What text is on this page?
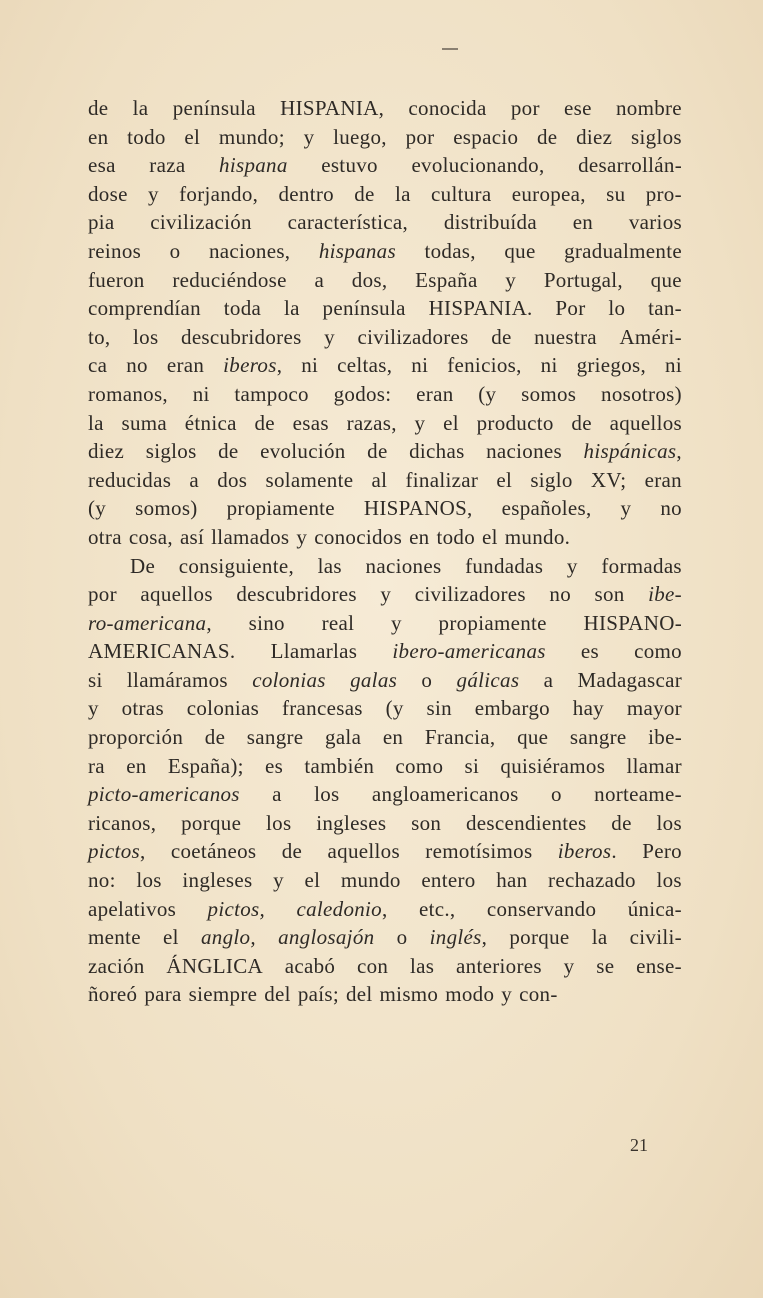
de la península HISPANIA, conocida por ese nombre
en todo el mundo; y luego, por espacio de diez siglos
esa raza hispana estuvo evolucionando, desarrollán-
dose y forjando, dentro de la cultura europea, su pro-
pia civilización característica, distribuída en varios
reinos o naciones, hispanas todas, que gradualmente
fueron reduciéndose a dos, España y Portugal, que
comprendían toda la península HISPANIA. Por lo tan-
to, los descubridores y civilizadores de nuestra Améri-
ca no eran iberos, ni celtas, ni fenicios, ni griegos, ni
romanos, ni tampoco godos: eran (y somos nosotros)
la suma étnica de esas razas, y el producto de aquellos
diez siglos de evolución de dichas naciones hispánicas,
reducidas a dos solamente al finalizar el siglo XV; eran
(y somos) propiamente HISPANOS, españoles, y no
otra cosa, así llamados y conocidos en todo el mundo.
De consiguiente, las naciones fundadas y formadas
por aquellos descubridores y civilizadores no son ibe-
ro-americana, sino real y propiamente HISPANO-
AMERICANAS. Llamarlas ibero-americanas es como
si llamáramos colonias galas o gálicas a Madagascar
y otras colonias francesas (y sin embargo hay mayor
proporción de sangre gala en Francia, que sangre ibe-
ra en España); es también como si quisiéramos llamar
picto-americanos a los angloamericanos o norteame-
ricanos, porque los ingleses son descendientes de los
pictos, coetáneos de aquellos remotísimos iberos. Pero
no: los ingleses y el mundo entero han rechazado los
apelativos pictos, caledonio, etc., conservando única-
mente el anglo, anglosajón o inglés, porque la civili-
zación ÁNGLICA acabó con las anteriores y se ense-
ñoreó para siempre del país; del mismo modo y con-
21
